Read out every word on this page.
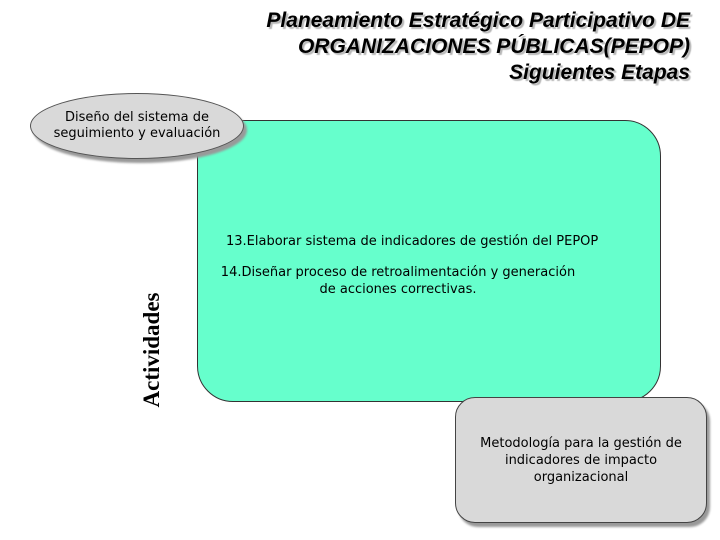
Planeamiento Estratégico Participativo DE
ORGANIZACIONES PÚBLICAS(PEPOP)
Siguientes Etapas
Diseño del sistema de seguimiento y evaluación
13.Elaborar sistema de indicadores de gestión del PEPOP
14.Diseñar proceso de retroalimentación y generación de acciones correctivas.
Actividades
Metodología para la gestión de indicadores de impacto organizacional
